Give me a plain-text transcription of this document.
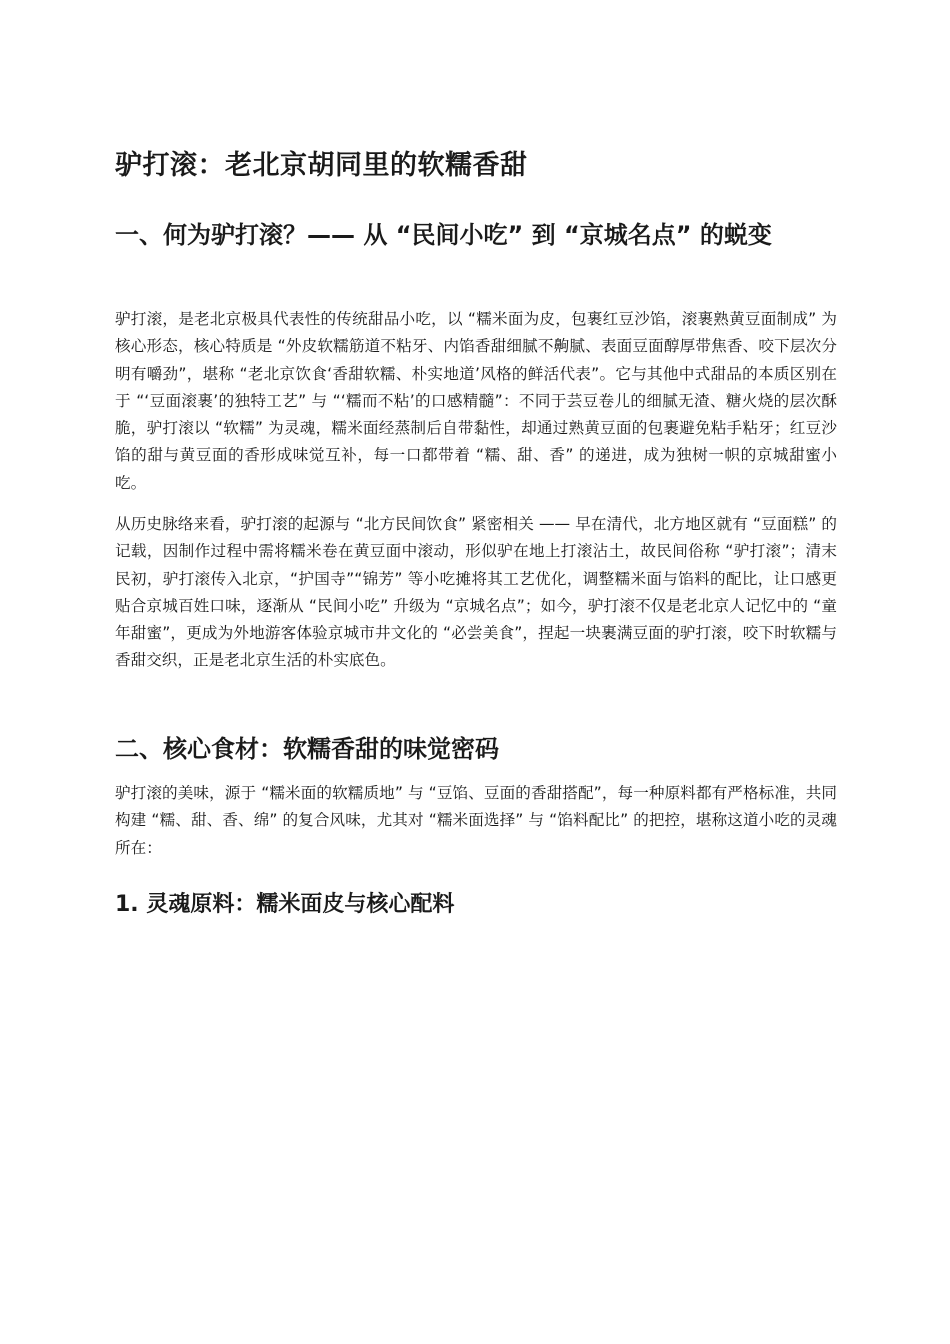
驴打滚：老北京胡同里的软糯香甜
一、何为驴打滚？—— 从 “民间小吃” 到 “京城名点” 的蜕变

驴打滚，是老北京极具代表性的传统甜品小吃，以 “糯米面为皮，包裹红豆沙馅，滚裹熟黄豆面制成” 为核心形态，核心特质是 “外皮软糯筋道不粘牙、内馅香甜细腻不齁腻、表面豆面醇厚带焦香、咬下层次分明有嚼劲”，堪称 “老北京饮食‘香甜软糯、朴实地道’风格的鲜活代表”。它与其他中式甜品的本质区别在于 “‘豆面滚裹’的独特工艺” 与 “‘糯而不粘’的口感精髓”：不同于芸豆卷儿的细腻无渣、糖火烧的层次酥脆，驴打滚以 “软糯” 为灵魂，糯米面经蒸制后自带黏性，却通过熟黄豆面的包裹避免粘手粘牙；红豆沙馅的甜与黄豆面的香形成味觉互补，每一口都带着 “糯、甜、香” 的递进，成为独树一帜的京城甜蜜小吃。

从历史脉络来看，驴打滚的起源与 “北方民间饮食” 紧密相关 —— 早在清代，北方地区就有 “豆面糕” 的记载，因制作过程中需将糯米卷在黄豆面中滚动，形似驴在地上打滚沾土，故民间俗称 “驴打滚”；清末民初，驴打滚传入北京，“护国寺”“锦芳” 等小吃摊将其工艺优化，调整糯米面与馅料的配比，让口感更贴合京城百姓口味，逐渐从 “民间小吃” 升级为 “京城名点”；如今，驴打滚不仅是老北京人记忆中的 “童年甜蜜”，更成为外地游客体验京城市井文化的 “必尝美食”，捏起一块裹满豆面的驴打滚，咬下时软糯与香甜交织，正是老北京生活的朴实底色。

二、核心食材：软糯香甜的味觉密码

驴打滚的美味，源于 “糯米面的软糯质地” 与 “豆馅、豆面的香甜搭配”，每一种原料都有严格标准，共同构建 “糯、甜、香、绵” 的复合风味，尤其对 “糯米面选择” 与 “馅料配比” 的把控，堪称这道小吃的灵魂所在：

1. 灵魂原料：糯米面皮与核心配料
